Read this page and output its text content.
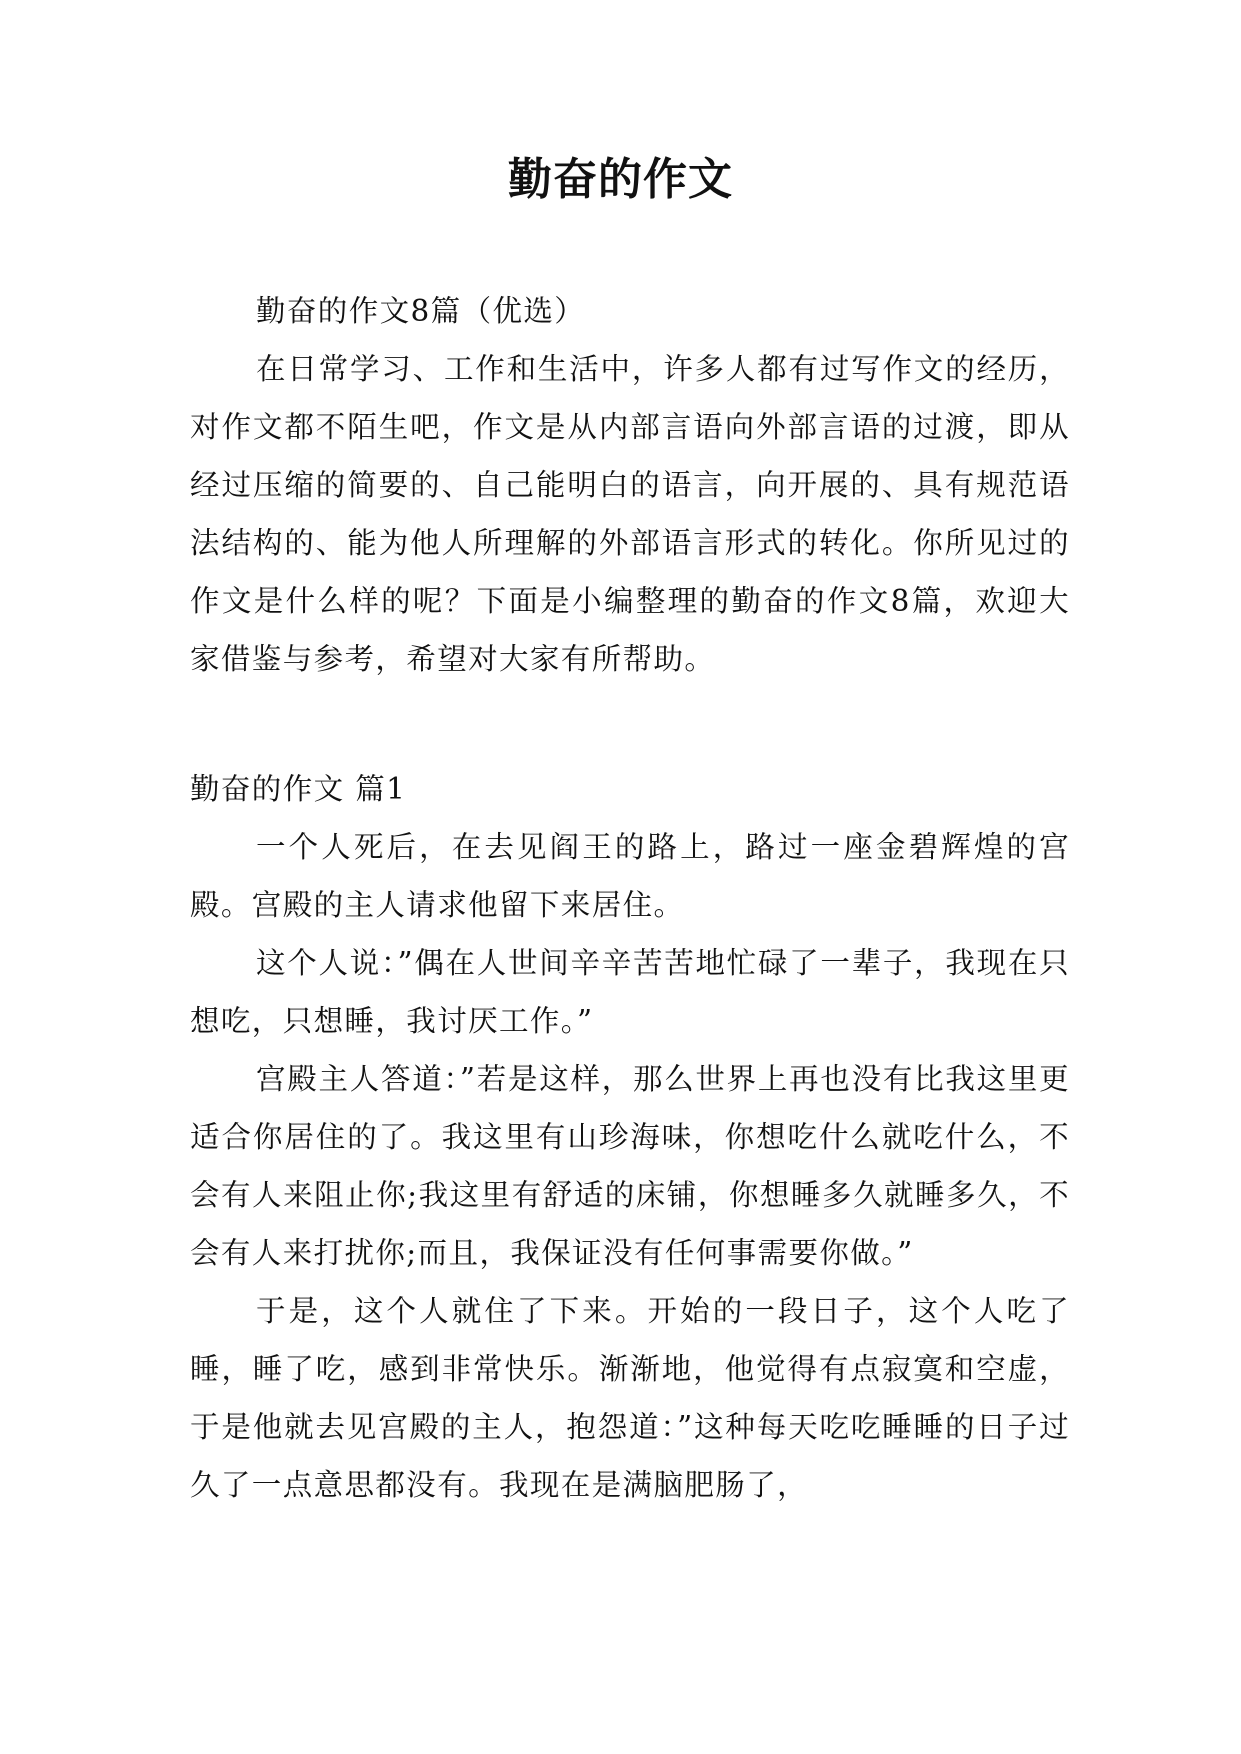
勤奋的作文

勤奋的作文8篇（优选）

在日常学习、工作和生活中，许多人都有过写作文的经历，对作文都不陌生吧，作文是从内部言语向外部言语的过渡，即从经过压缩的简要的、自己能明白的语言，向开展的、具有规范语法结构的、能为他人所理解的外部语言形式的转化。你所见过的作文是什么样的呢？下面是小编整理的勤奋的作文8篇，欢迎大家借鉴与参考，希望对大家有所帮助。

勤奋的作文 篇1

一个人死后，在去见阎王的路上，路过一座金碧辉煌的宫殿。宫殿的主人请求他留下来居住。

这个人说：”偶在人世间辛辛苦苦地忙碌了一辈子，我现在只想吃，只想睡，我讨厌工作。”

宫殿主人答道：”若是这样，那么世界上再也没有比我这里更适合你居住的了。我这里有山珍海味，你想吃什么就吃什么，不会有人来阻止你;我这里有舒适的床铺，你想睡多久就睡多久，不会有人来打扰你;而且，我保证没有任何事需要你做。”

于是，这个人就住了下来。开始的一段日子，这个人吃了睡，睡了吃，感到非常快乐。渐渐地，他觉得有点寂寞和空虚，于是他就去见宫殿的主人，抱怨道：”这种每天吃吃睡睡的日子过久了一点意思都没有。我现在是满脑肥肠了，
